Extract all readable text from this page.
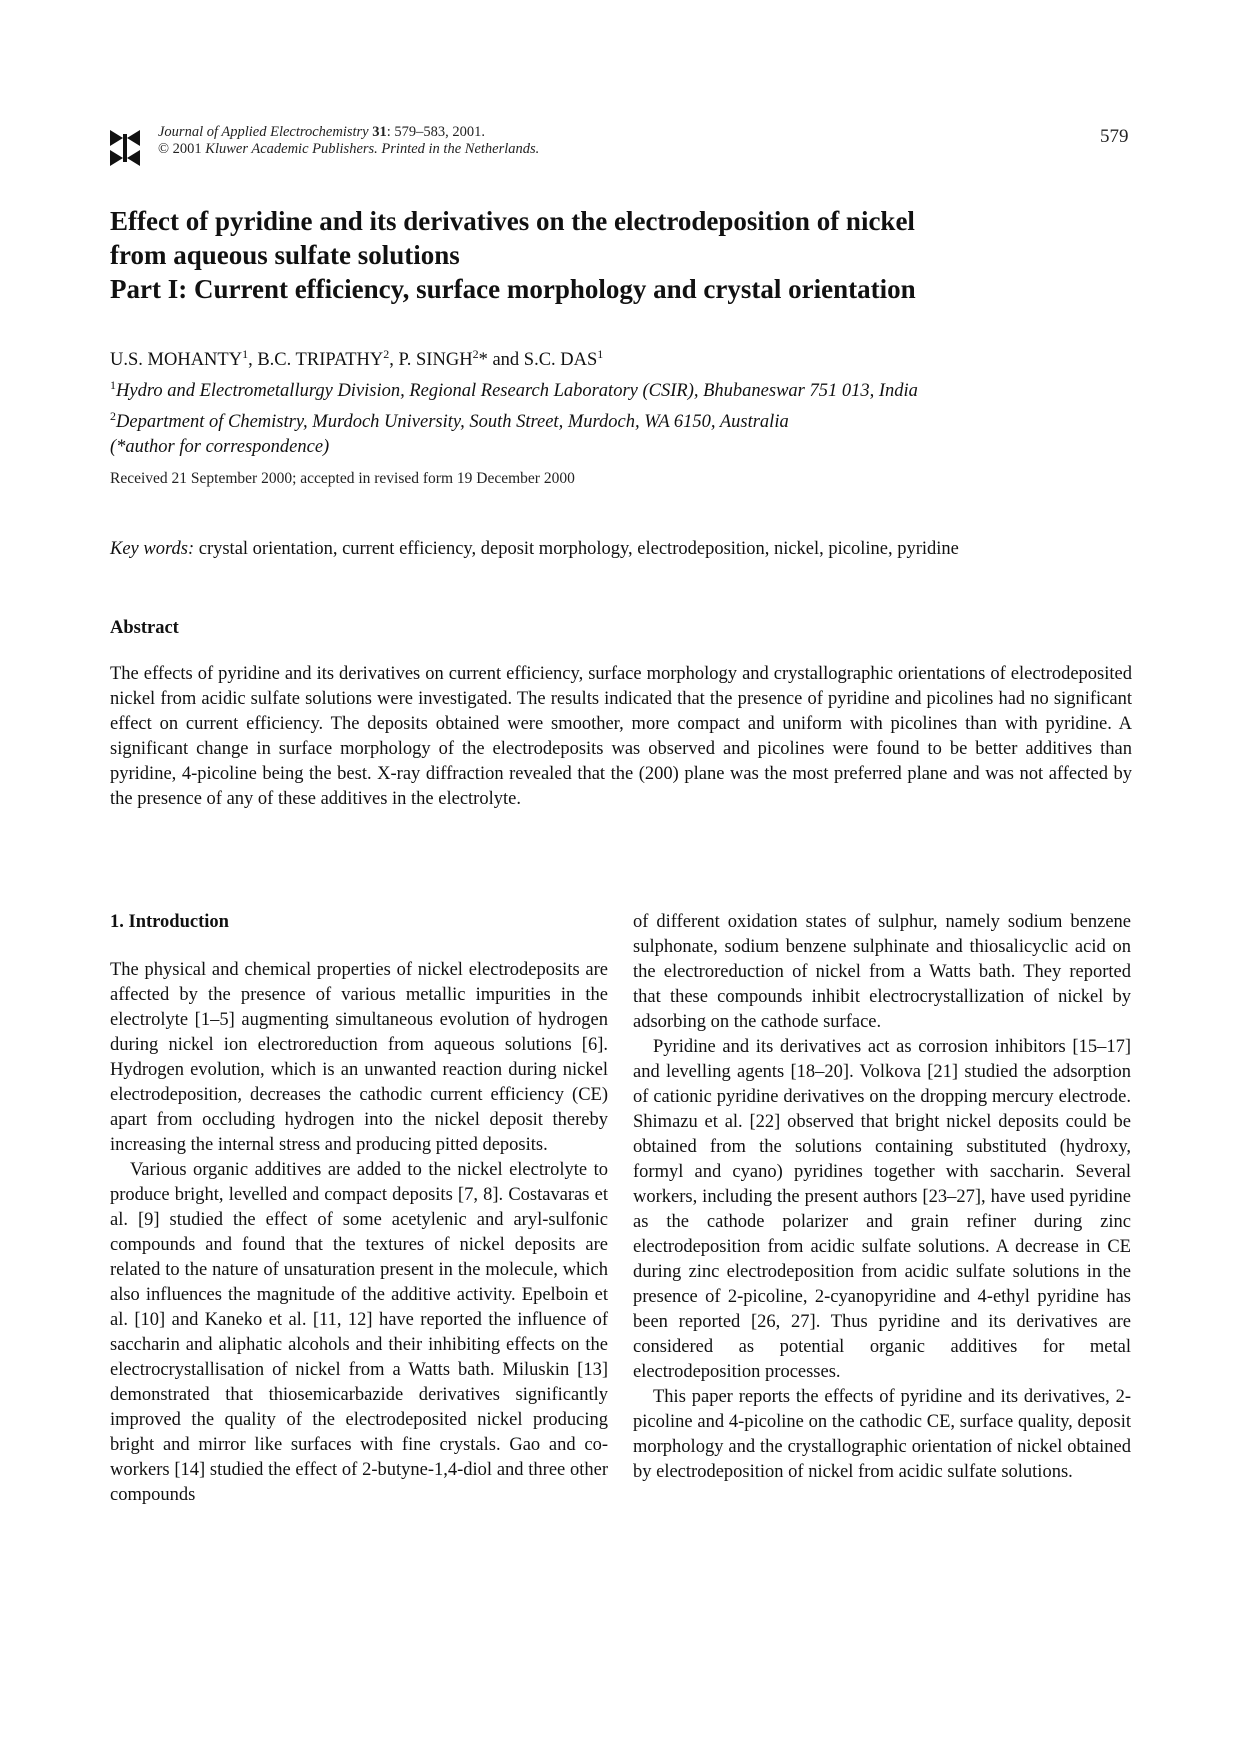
Journal of Applied Electrochemistry 31: 579–583, 2001.
© 2001 Kluwer Academic Publishers. Printed in the Netherlands.
579
Effect of pyridine and its derivatives on the electrodeposition of nickel
from aqueous sulfate solutions
Part I: Current efficiency, surface morphology and crystal orientation
U.S. MOHANTY$^1$, B.C. TRIPATHY$^2$, P. SINGH$^2$* and S.C. DAS$^1$
$^1$Hydro and Electrometallurgy Division, Regional Research Laboratory (CSIR), Bhubaneswar 751 013, India
$^2$Department of Chemistry, Murdoch University, South Street, Murdoch, WA 6150, Australia
(*author for correspondence)
Received 21 September 2000; accepted in revised form 19 December 2000
Key words: crystal orientation, current efficiency, deposit morphology, electrodeposition, nickel, picoline, pyridine
Abstract
The effects of pyridine and its derivatives on current efficiency, surface morphology and crystallographic orientations of electrodeposited nickel from acidic sulfate solutions were investigated. The results indicated that the presence of pyridine and picolines had no significant effect on current efficiency. The deposits obtained were smoother, more compact and uniform with picolines than with pyridine. A significant change in surface morphology of the electrodeposits was observed and picolines were found to be better additives than pyridine, 4-picoline being the best. X-ray diffraction revealed that the (200) plane was the most preferred plane and was not affected by the presence of any of these additives in the electrolyte.

1. Introduction

The physical and chemical properties of nickel electrodeposits are affected by the presence of various metallic impurities in the electrolyte [1–5] augmenting simultaneous evolution of hydrogen during nickel ion electroreduction from aqueous solutions [6]. Hydrogen evolution, which is an unwanted reaction during nickel electrodeposition, decreases the cathodic current efficiency (CE) apart from occluding hydrogen into the nickel deposit thereby increasing the internal stress and producing pitted deposits.

Various organic additives are added to the nickel electrolyte to produce bright, levelled and compact deposits [7, 8]. Costavaras et al. [9] studied the effect of some acetylenic and aryl-sulfonic compounds and found that the textures of nickel deposits are related to the nature of unsaturation present in the molecule, which also influences the magnitude of the additive activity. Epelboin et al. [10] and Kaneko et al. [11, 12] have reported the influence of saccharin and aliphatic alcohols and their inhibiting effects on the electrocrystallisation of nickel from a Watts bath. Miluskin [13] demonstrated that thiosemicarbazide derivatives significantly improved the quality of the electrodeposited nickel producing bright and mirror like surfaces with fine crystals. Gao and co-workers [14] studied the effect of 2-butyne-1,4-diol and three other compounds

of different oxidation states of sulphur, namely sodium benzene sulphonate, sodium benzene sulphinate and thiosalicyclic acid on the electroreduction of nickel from a Watts bath. They reported that these compounds inhibit electrocrystallization of nickel by adsorbing on the cathode surface.

Pyridine and its derivatives act as corrosion inhibitors [15–17] and levelling agents [18–20]. Volkova [21] studied the adsorption of cationic pyridine derivatives on the dropping mercury electrode. Shimazu et al. [22] observed that bright nickel deposits could be obtained from the solutions containing substituted (hydroxy, formyl and cyano) pyridines together with saccharin. Several workers, including the present authors [23–27], have used pyridine as the cathode polarizer and grain refiner during zinc electrodeposition from acidic sulfate solutions. A decrease in CE during zinc electrodeposition from acidic sulfate solutions in the presence of 2-picoline, 2-cyanopyridine and 4-ethyl pyridine has been reported [26, 27]. Thus pyridine and its derivatives are considered as potential organic additives for metal electrodeposition processes.

This paper reports the effects of pyridine and its derivatives, 2-picoline and 4-picoline on the cathodic CE, surface quality, deposit morphology and the crystallographic orientation of nickel obtained by electrodeposition of nickel from acidic sulfate solutions.
